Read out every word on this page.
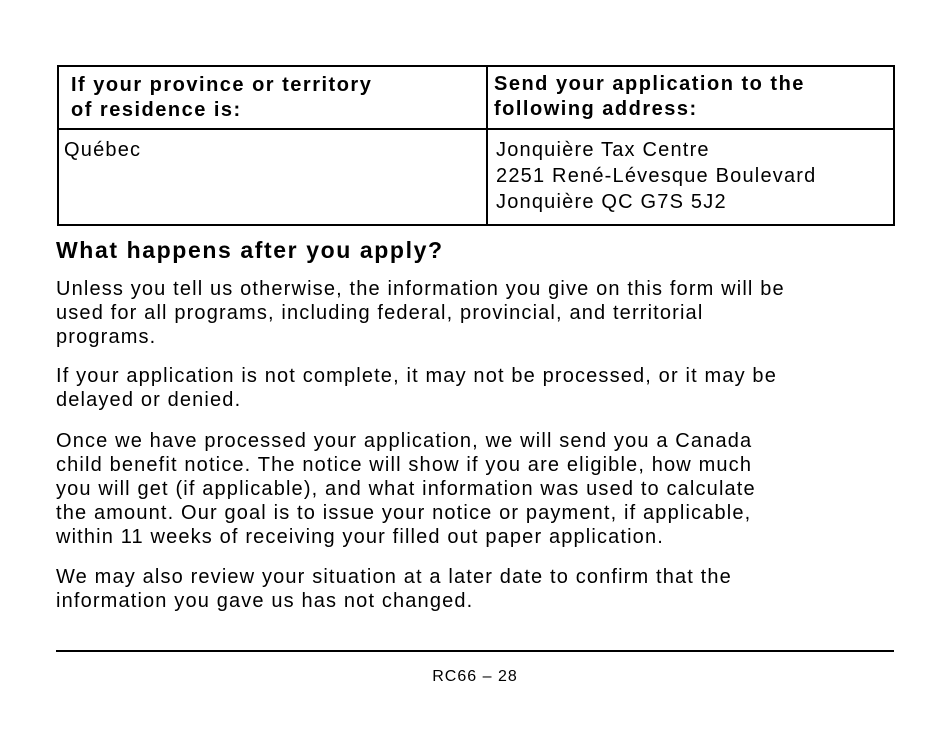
If your province or territory
of residence is:	Send your application to the
following address:

Québec	Jonquière Tax Centre
2251 René-Lévesque Boulevard
Jonquière QC G7S 5J2
What happens after you apply?

Unless you tell us otherwise, the information you give on this form will be
used for all programs, including federal, provincial, and territorial
programs.

If your application is not complete, it may not be processed, or it may be
delayed or denied.

Once we have processed your application, we will send you a Canada
child benefit notice. The notice will show if you are eligible, how much
you will get (if applicable), and what information was used to calculate
the amount. Our goal is to issue your notice or payment, if applicable,
within 11 weeks of receiving your filled out paper application.

We may also review your situation at a later date to confirm that the
information you gave us has not changed.

RC66 – 28
